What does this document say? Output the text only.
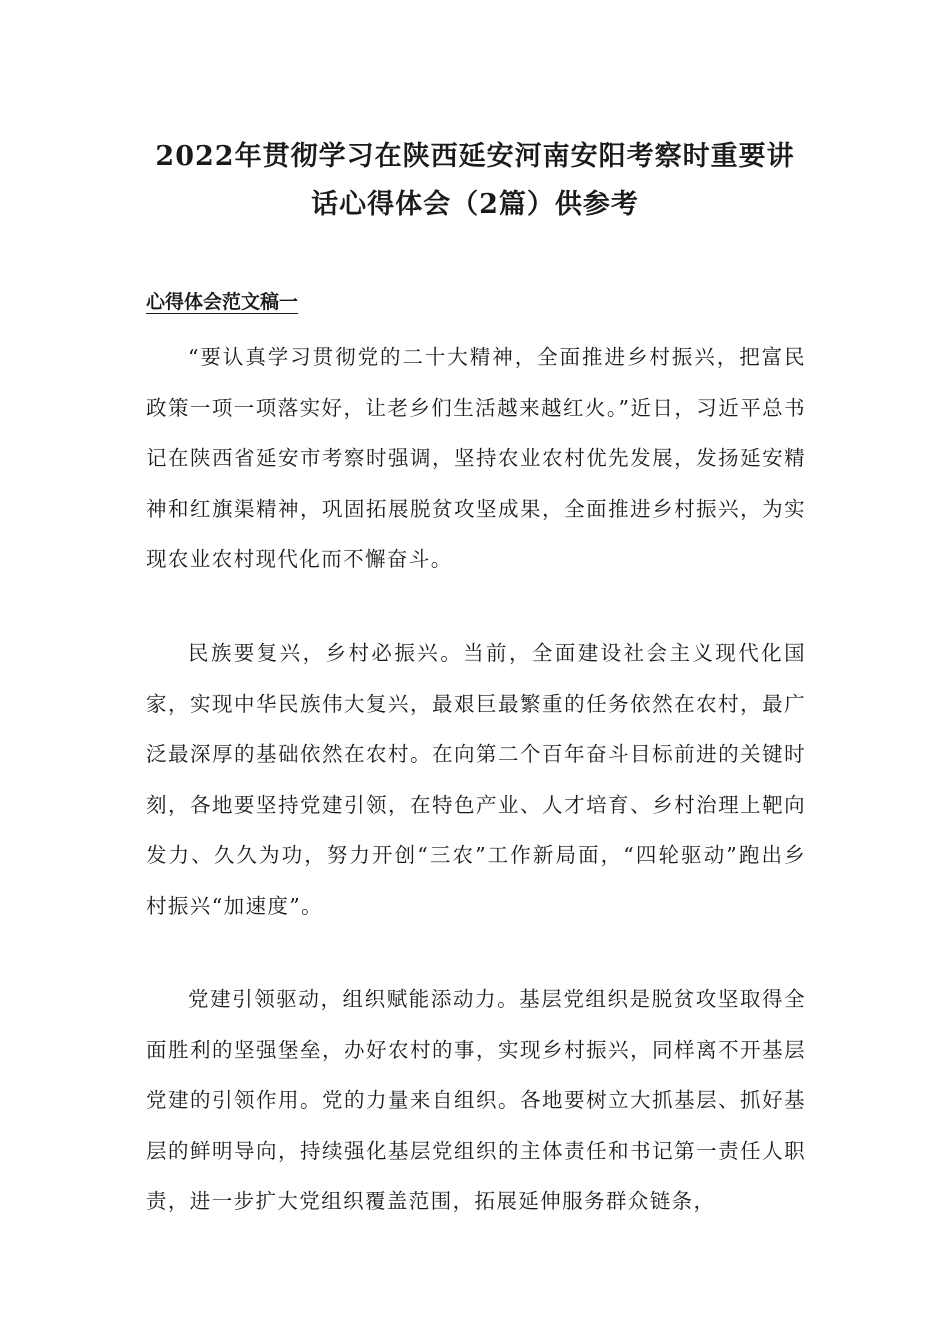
2022年贯彻学习在陕西延安河南安阳考察时重要讲
话心得体会（2篇）供参考
心得体会范文稿一

“要认真学习贯彻党的二十大精神，全面推进乡村振兴，把富民政策一项一项落实好，让老乡们生活越来越红火。”近日，习近平总书记在陕西省延安市考察时强调，坚持农业农村优先发展，发扬延安精神和红旗渠精神，巩固拓展脱贫攻坚成果，全面推进乡村振兴，为实现农业农村现代化而不懈奋斗。

民族要复兴，乡村必振兴。当前，全面建设社会主义现代化国家，实现中华民族伟大复兴，最艰巨最繁重的任务依然在农村，最广泛最深厚的基础依然在农村。在向第二个百年奋斗目标前进的关键时刻，各地要坚持党建引领，在特色产业、人才培育、乡村治理上靶向发力、久久为功，努力开创“三农”工作新局面，“四轮驱动”跑出乡村振兴“加速度”。

党建引领驱动，组织赋能添动力。基层党组织是脱贫攻坚取得全面胜利的坚强堡垒，办好农村的事，实现乡村振兴，同样离不开基层党建的引领作用。党的力量来自组织。各地要树立大抓基层、抓好基层的鲜明导向，持续强化基层党组织的主体责任和书记第一责任人职责，进一步扩大党组织覆盖范围，拓展延伸服务群众链条，
